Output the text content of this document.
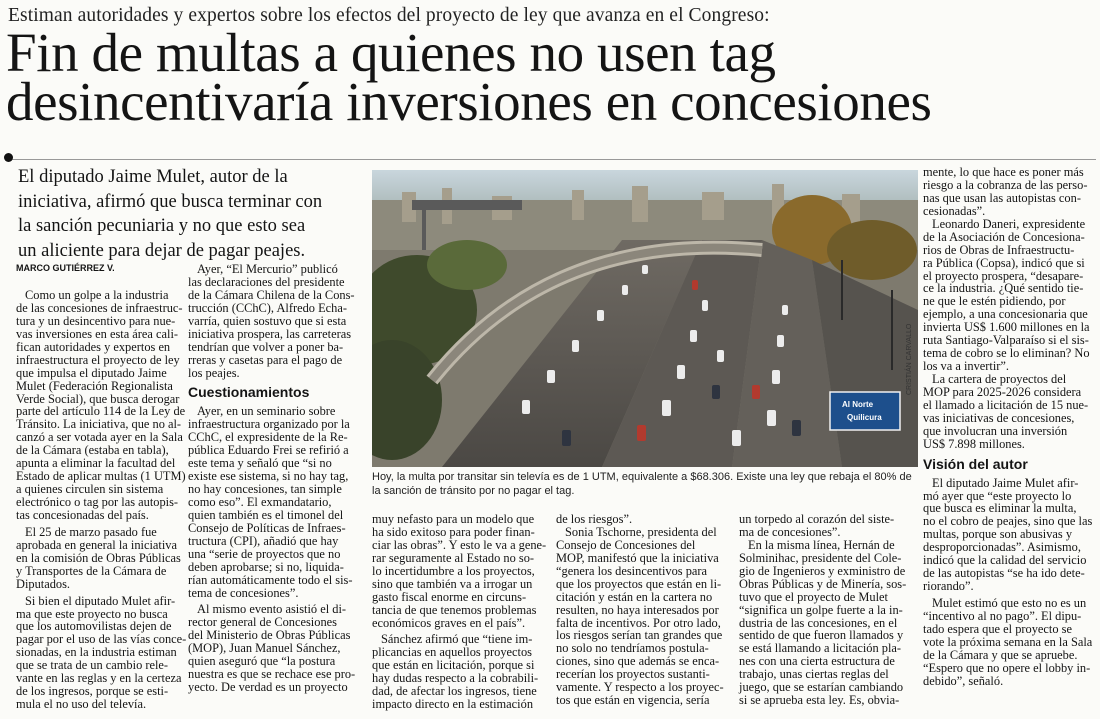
Estiman autoridades y expertos sobre los efectos del proyecto de ley que avanza en el Congreso:
Fin de multas a quienes no usen tag
desincentivaría inversiones en concesiones
El diputado Jaime Mulet, autor de la
iniciativa, afirmó que busca terminar con
la sanción pecuniaria y no que esto sea
un aliciente para dejar de pagar peajes.
MARCO GUTIÉRREZ V.
Como un golpe a la industria
de las concesiones de infraestruc-
tura y un desincentivo para nue-
vas inversiones en esta área cali-
fican autoridades y expertos en
infraestructura el proyecto de ley
que impulsa el diputado Jaime
Mulet (Federación Regionalista
Verde Social), que busca derogar
parte del artículo 114 de la Ley de
Tránsito. La iniciativa, que no al-
canzó a ser votada ayer en la Sala
de la Cámara (estaba en tabla),
apunta a eliminar la facultad del
Estado de aplicar multas (1 UTM)
a quienes circulen sin sistema
electrónico o tag por las autopis-
tas concesionadas del país.
El 25 de marzo pasado fue
aprobada en general la iniciativa
en la comisión de Obras Públicas
y Transportes de la Cámara de
Diputados.
Si bien el diputado Mulet afir-
ma que este proyecto no busca
que los automovilistas dejen de
pagar por el uso de las vías conce-
sionadas, en la industria estiman
que se trata de un cambio rele-
vante en las reglas y en la certeza
de los ingresos, porque se esti-
mula el no uso del televía.
Ayer, “El Mercurio” publicó
las declaraciones del presidente
de la Cámara Chilena de la Cons-
trucción (CChC), Alfredo Echa-
varría, quien sostuvo que si esta
iniciativa prospera, las carreteras
tendrían que volver a poner ba-
rreras y casetas para el pago de
los peajes.
Cuestionamientos
Ayer, en un seminario sobre
infraestructura organizado por la
CChC, el expresidente de la Re-
pública Eduardo Frei se refirió a
este tema y señaló que “si no
existe ese sistema, si no hay tag,
no hay concesiones, tan simple
como eso”. El exmandatario,
quien también es el timonel del
Consejo de Políticas de Infraes-
tructura (CPI), añadió que hay
una “serie de proyectos que no
deben aprobarse; si no, liquida-
rían automáticamente todo el sis-
tema de concesiones”.
Al mismo evento asistió el di-
rector general de Concesiones
del Ministerio de Obras Públicas
(MOP), Juan Manuel Sánchez,
quien aseguró que “la postura
nuestra es que se rechace ese pro-
yecto. De verdad es un proyecto
muy nefasto para un modelo que
ha sido exitoso para poder finan-
ciar las obras”. Y esto le va a gene-
rar seguramente al Estado no so-
lo incertidumbre a los proyectos,
sino que también va a irrogar un
gasto fiscal enorme en circuns-
tancia de que tenemos problemas
económicos graves en el país”.
Sánchez afirmó que “tiene im-
plicancias en aquellos proyectos
que están en licitación, porque si
hay dudas respecto a la cobrabili-
dad, de afectar los ingresos, tiene
impacto directo en la estimación
de los riesgos”.
Sonia Tschorne, presidenta del
Consejo de Concesiones del
MOP, manifestó que la iniciativa
“genera los desincentivos para
que los proyectos que están en li-
citación y están en la cartera no
resulten, no haya interesados por
falta de incentivos. Por otro lado,
los riesgos serían tan grandes que
no solo no tendríamos postula-
ciones, sino que además se enca-
recerían los proyectos sustanti-
vamente. Y respecto a los proyec-
tos que están en vigencia, sería
un torpedo al corazón del siste-
ma de concesiones”.
En la misma línea, Hernán de
Solminihac, presidente del Cole-
gio de Ingenieros y exministro de
Obras Públicas y de Minería, sos-
tuvo que el proyecto de Mulet
“significa un golpe fuerte a la in-
dustria de las concesiones, en el
sentido de que fueron llamados y
se está llamando a licitación pla-
nes con una cierta estructura de
trabajo, unas ciertas reglas del
juego, que se estarían cambiando
si se aprueba esta ley. Es, obvia-
mente, lo que hace es poner más
riesgo a la cobranza de las perso-
nas que usan las autopistas con-
cesionadas”.
Leonardo Daneri, expresidente
de la Asociación de Concesiona-
rios de Obras de Infraestructu-
ra Pública (Copsa), indicó que si
el proyecto prospera, “desapare-
ce la industria. ¿Qué sentido tie-
ne que le estén pidiendo, por
ejemplo, a una concesionaria que
invierta US$ 1.600 millones en la
ruta Santiago-Valparaíso si el sis-
tema de cobro se lo eliminan? No
los va a invertir”.
La cartera de proyectos del
MOP para 2025-2026 considera
el llamado a licitación de 15 nue-
vas iniciativas de concesiones,
que involucran una inversión
US$ 7.898 millones.
Visión del autor
El diputado Jaime Mulet afir-
mó ayer que “este proyecto lo
que busca es eliminar la multa,
no el cobro de peajes, sino que las
multas, porque son abusivas y
desproporcionadas”. Asimismo,
indicó que la calidad del servicio
de las autopistas “se ha ido dete-
riorando”.
Mulet estimó que esto no es un
“incentivo al no pago”. El dipu-
tado espera que el proyecto se
vote la próxima semana en la Sala
de la Cámara y que se apruebe.
“Espero que no opere el lobby in-
debido”, señaló.
Al Norte
Quilicura
CRISTIÁN CARVALLO
Hoy, la multa por transitar sin televía es de 1 UTM, equivalente a $68.306. Existe una ley que rebaja el 80% de la sanción de tránsito por no pagar el tag.
